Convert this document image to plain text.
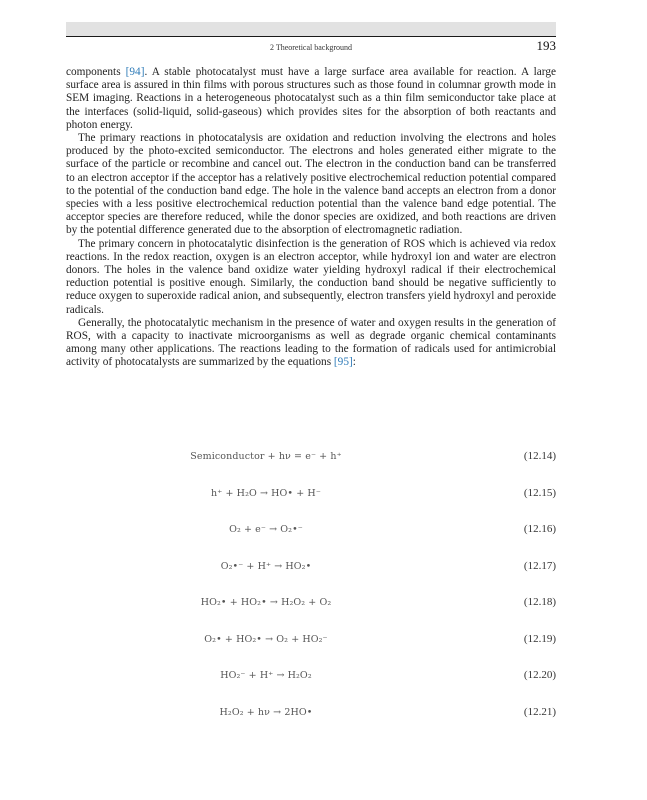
2 Theoretical background	193

components [94]. A stable photocatalyst must have a large surface area available for reaction. A large surface area is assured in thin films with porous structures such as those found in columnar growth mode in SEM imaging. Reactions in a heterogeneous photocatalyst such as a thin film semiconductor take place at the interfaces (solid-liquid, solid-gaseous) which provides sites for the absorption of both reactants and photon energy.

The primary reactions in photocatalysis are oxidation and reduction involving the electrons and holes produced by the photo-excited semiconductor. The electrons and holes generated either migrate to the surface of the particle or recombine and cancel out. The electron in the conduction band can be transferred to an electron acceptor if the acceptor has a relatively positive electrochemical reduction potential compared to the potential of the conduction band edge. The hole in the valence band accepts an electron from a donor species with a less positive electrochemical reduction potential than the valence band edge potential. The acceptor species are therefore reduced, while the donor species are oxidized, and both reactions are driven by the potential difference generated due to the absorption of electromagnetic radiation.

The primary concern in photocatalytic disinfection is the generation of ROS which is achieved via redox reactions. In the redox reaction, oxygen is an electron acceptor, while hydroxyl ion and water are electron donors. The holes in the valence band oxidize water yielding hydroxyl radical if their electrochemical reduction potential is positive enough. Similarly, the conduction band should be negative sufficiently to reduce oxygen to superoxide radical anion, and subsequently, electron transfers yield hydroxyl and peroxide radicals.

Generally, the photocatalytic mechanism in the presence of water and oxygen results in the generation of ROS, with a capacity to inactivate microorganisms as well as degrade organic chemical contaminants among many other applications. The reactions leading to the formation of radicals used for antimicrobial activity of photocatalysts are summarized by the equations [95]:

Semiconductor + hν = e⁻ + h⁺	(12.14)
h⁺ + H₂O → HO• + H⁻	(12.15)
O₂ + e⁻ → O₂•⁻	(12.16)
O₂•⁻ + H⁺ → HO₂•	(12.17)
HO₂• + HO₂• → H₂O₂ + O₂	(12.18)
O₂• + HO₂• → O₂ + HO₂⁻	(12.19)
HO₂⁻ + H⁺ → H₂O₂	(12.20)
H₂O₂ + hν → 2HO•	(12.21)
